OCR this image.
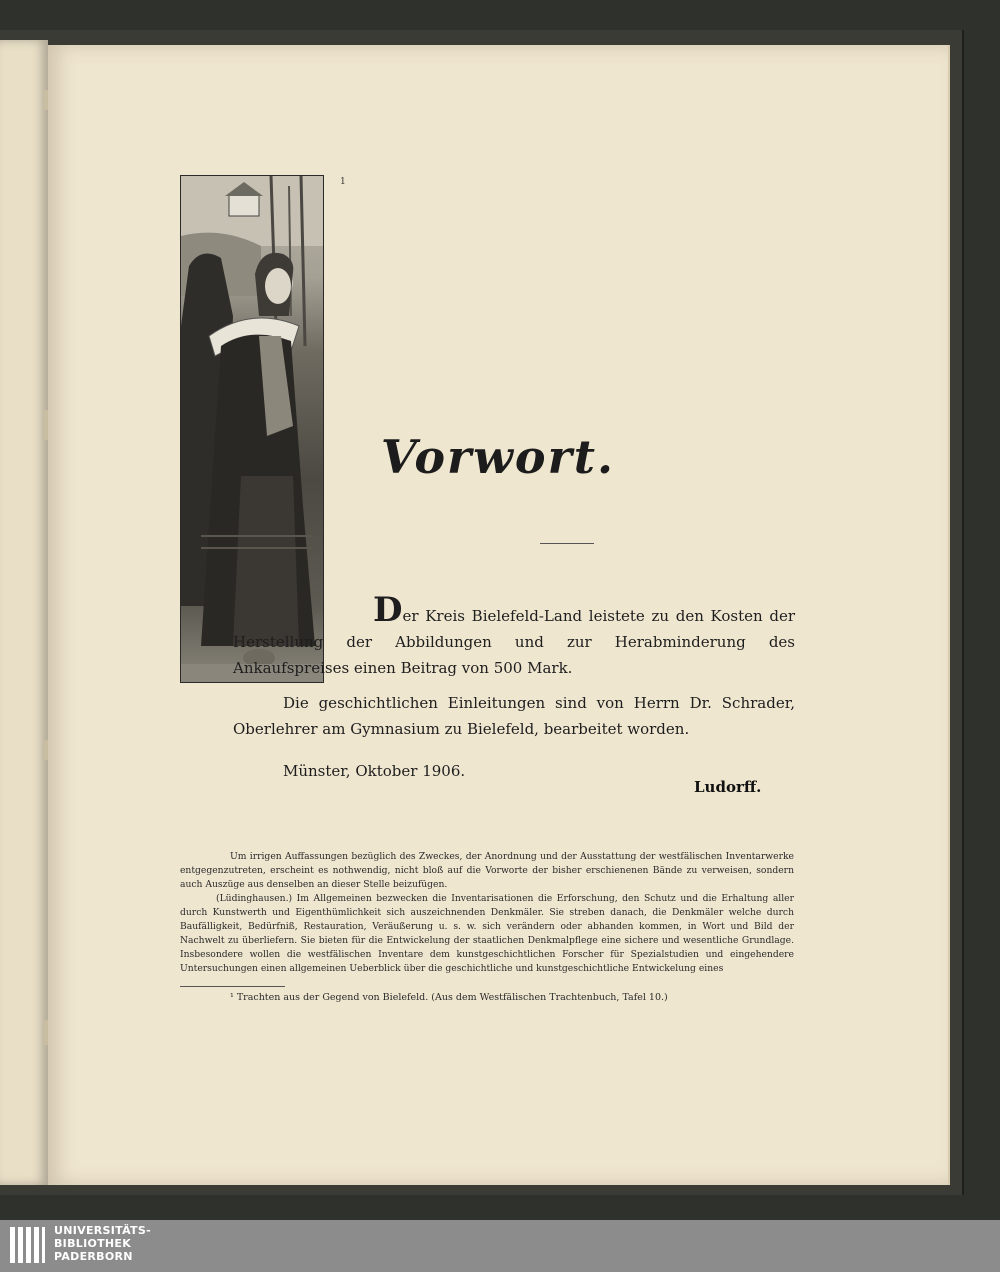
1
Vorwort.
Der Kreis Bielefeld-Land leistete zu den Kosten der Herstellung der Abbildungen und zur Herabminderung des Ankaufspreises einen Beitrag von 500 Mark.
Die geschichtlichen Einleitungen sind von Herrn Dr. Schrader, Oberlehrer am Gymnasium zu Bielefeld, bearbeitet worden.
Münster, Oktober 1906.
Ludorff.
Um irrigen Auffassungen bezüglich des Zweckes, der Anordnung und der Ausstattung der westfälischen Inventarwerke entgegenzutreten, erscheint es nothwendig, nicht bloß auf die Vorworte der bisher erschienenen Bände zu verweisen, sondern auch Auszüge aus denselben an dieser Stelle beizufügen.
(Lüdinghausen.) Im Allgemeinen bezwecken die Inventarisationen die Erforschung, den Schutz und die Erhaltung aller durch Kunstwerth und Eigenthümlichkeit sich auszeichnenden Denkmäler. Sie streben danach, die Denkmäler welche durch Baufälligkeit, Bedürfniß, Restauration, Veräußerung u. s. w. sich verändern oder abhanden kommen, in Wort und Bild der Nachwelt zu überliefern. Sie bieten für die Entwickelung der staatlichen Denkmalpflege eine sichere und wesentliche Grundlage. Insbesondere wollen die westfälischen Inventare dem kunstgeschichtlichen Forscher für Spezialstudien und eingehendere Untersuchungen einen allgemeinen Ueberblick über die geschichtliche und kunstgeschichtliche Entwickelung eines
¹ Trachten aus der Gegend von Bielefeld. (Aus dem Westfälischen Trachtenbuch, Tafel 10.)
UNIVERSITÄTS-
BIBLIOTHEK
PADERBORN
